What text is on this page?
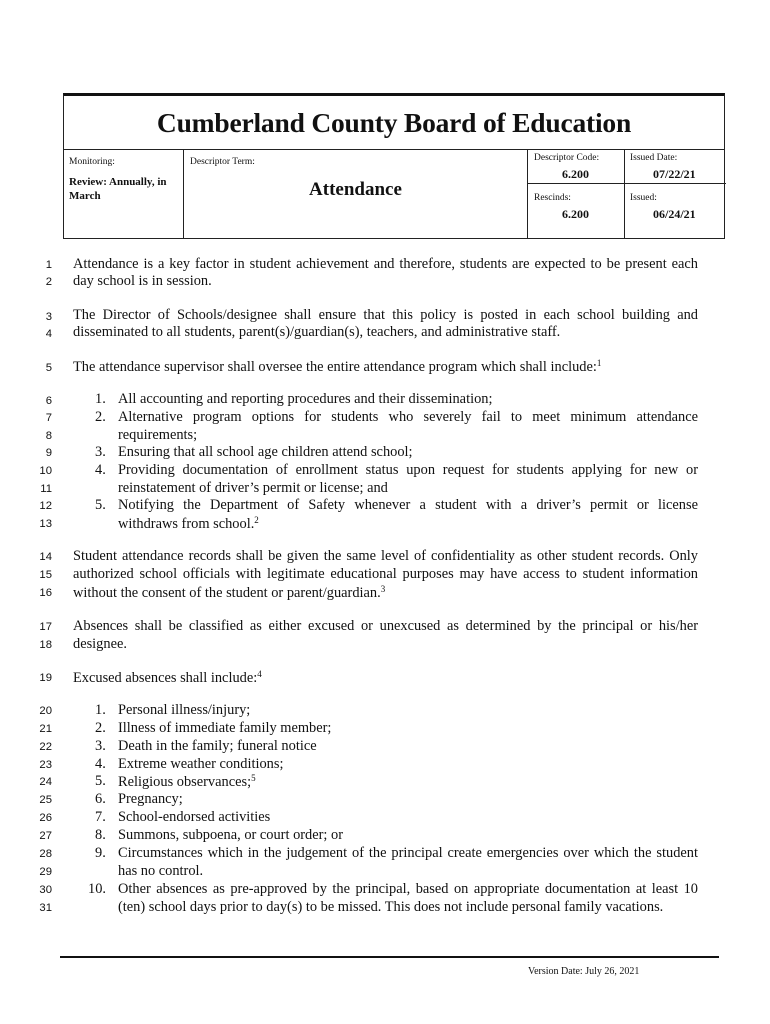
Cumberland County Board of Education
Monitoring:
Review: Annually, in March
Descriptor Term:
Attendance
Descriptor Code:
6.200
Rescinds:
6.200
Issued Date:
07/22/21
Issued:
06/24/21
1
2
3
4
5
6
7
8
9
10
11
12
13
14
15
16
17
18
19
20
21
22
23
24
25
26
27
28
29
30
31
Attendance is a key factor in student achievement and therefore, students are expected to be present each
day school is in session.
The Director of Schools/designee shall ensure that this policy is posted in each school building and
disseminated to all students, parent(s)/guardian(s), teachers, and administrative staff.
The attendance supervisor shall oversee the entire attendance program which shall include:$^1$
1. All accounting and reporting procedures and their dissemination;
2. Alternative program options for students who severely fail to meet minimum attendance
requirements;
3. Ensuring that all school age children attend school;
4. Providing documentation of enrollment status upon request for students applying for new or
reinstatement of driver’s permit or license; and
5. Notifying the Department of Safety whenever a student with a driver’s permit or license
withdraws from school.$^2$
Student attendance records shall be given the same level of confidentiality as other student records. Only
authorized school officials with legitimate educational purposes may have access to student information
without the consent of the student or parent/guardian.$^3$
Absences shall be classified as either excused or unexcused as determined by the principal or his/her
designee.
Excused absences shall include:$^4$
1. Personal illness/injury;
2. Illness of immediate family member;
3. Death in the family; funeral notice
4. Extreme weather conditions;
5. Religious observances;$^5$
6. Pregnancy;
7. School-endorsed activities
8. Summons, subpoena, or court order; or
9. Circumstances which in the judgement of the principal create emergencies over which the student
has no control.
10. Other absences as pre-approved by the principal, based on appropriate documentation at least 10
(ten) school days prior to day(s) to be missed. This does not include personal family vacations.
Version Date: July 26, 2021
